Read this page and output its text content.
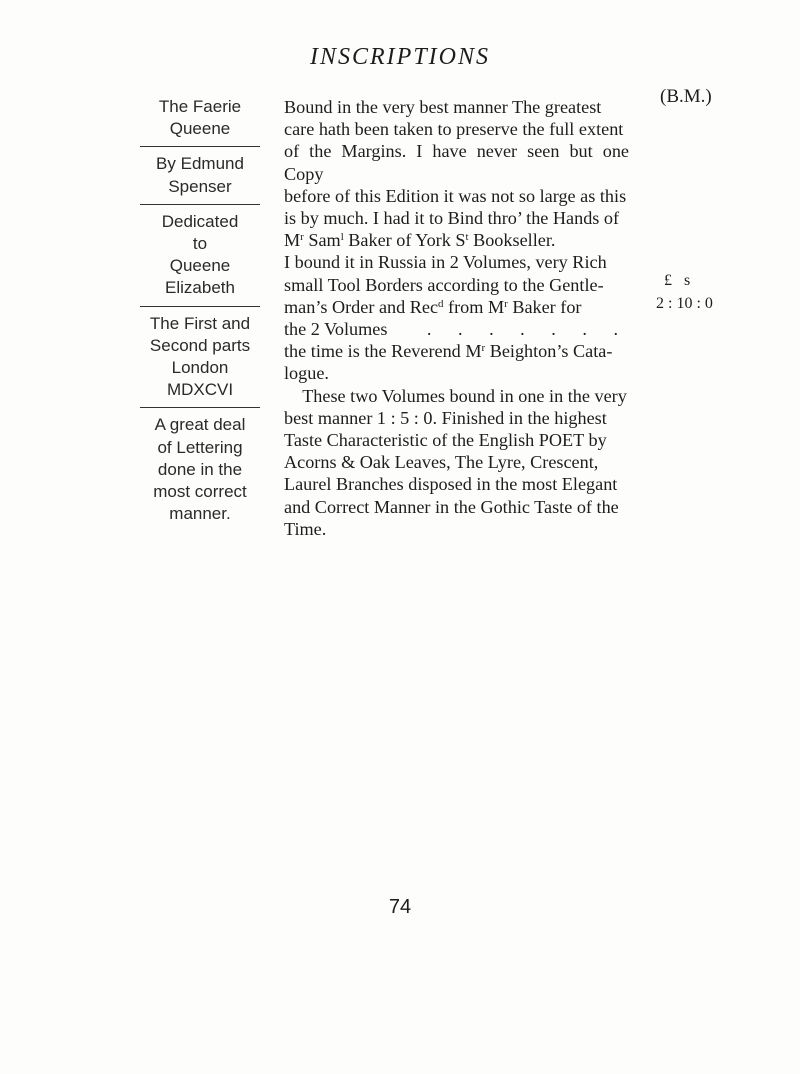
INSCRIPTIONS
(B.M.)
The Faerie
Queene
By Edmund
Spenser
Dedicated
to
Queene
Elizabeth
The First and
Second parts
London
MDXCVI
A great deal
of Lettering
done in the
most correct
manner.
Bound in the very best manner The greatest
care hath been taken to preserve the full extent
of the Margins. I have never seen but one Copy
before of this Edition it was not so large as this
is by much. I had it to Bind thro’ the Hands of
$M^r$ Sam$^l$ Baker of York $S^t$ Bookseller.
I bound it in Russia in 2 Volumes, very Rich
small Tool Borders according to the Gentle-
man’s Order and Rec$^d$ from $M^r$ Baker for
the 2 Volumes . . . . . . .
the time is the Reverend $M^r$ Beighton’s Cata-
logue.
These two Volumes bound in one in the very
best manner 1 : 5 : 0. Finished in the highest
Taste Characteristic of the English POET by
Acorns & Oak Leaves, The Lyre, Crescent,
Laurel Branches disposed in the most Elegant
and Correct Manner in the Gothic Taste of the
Time.
£   s
2 : 10 : 0
74
